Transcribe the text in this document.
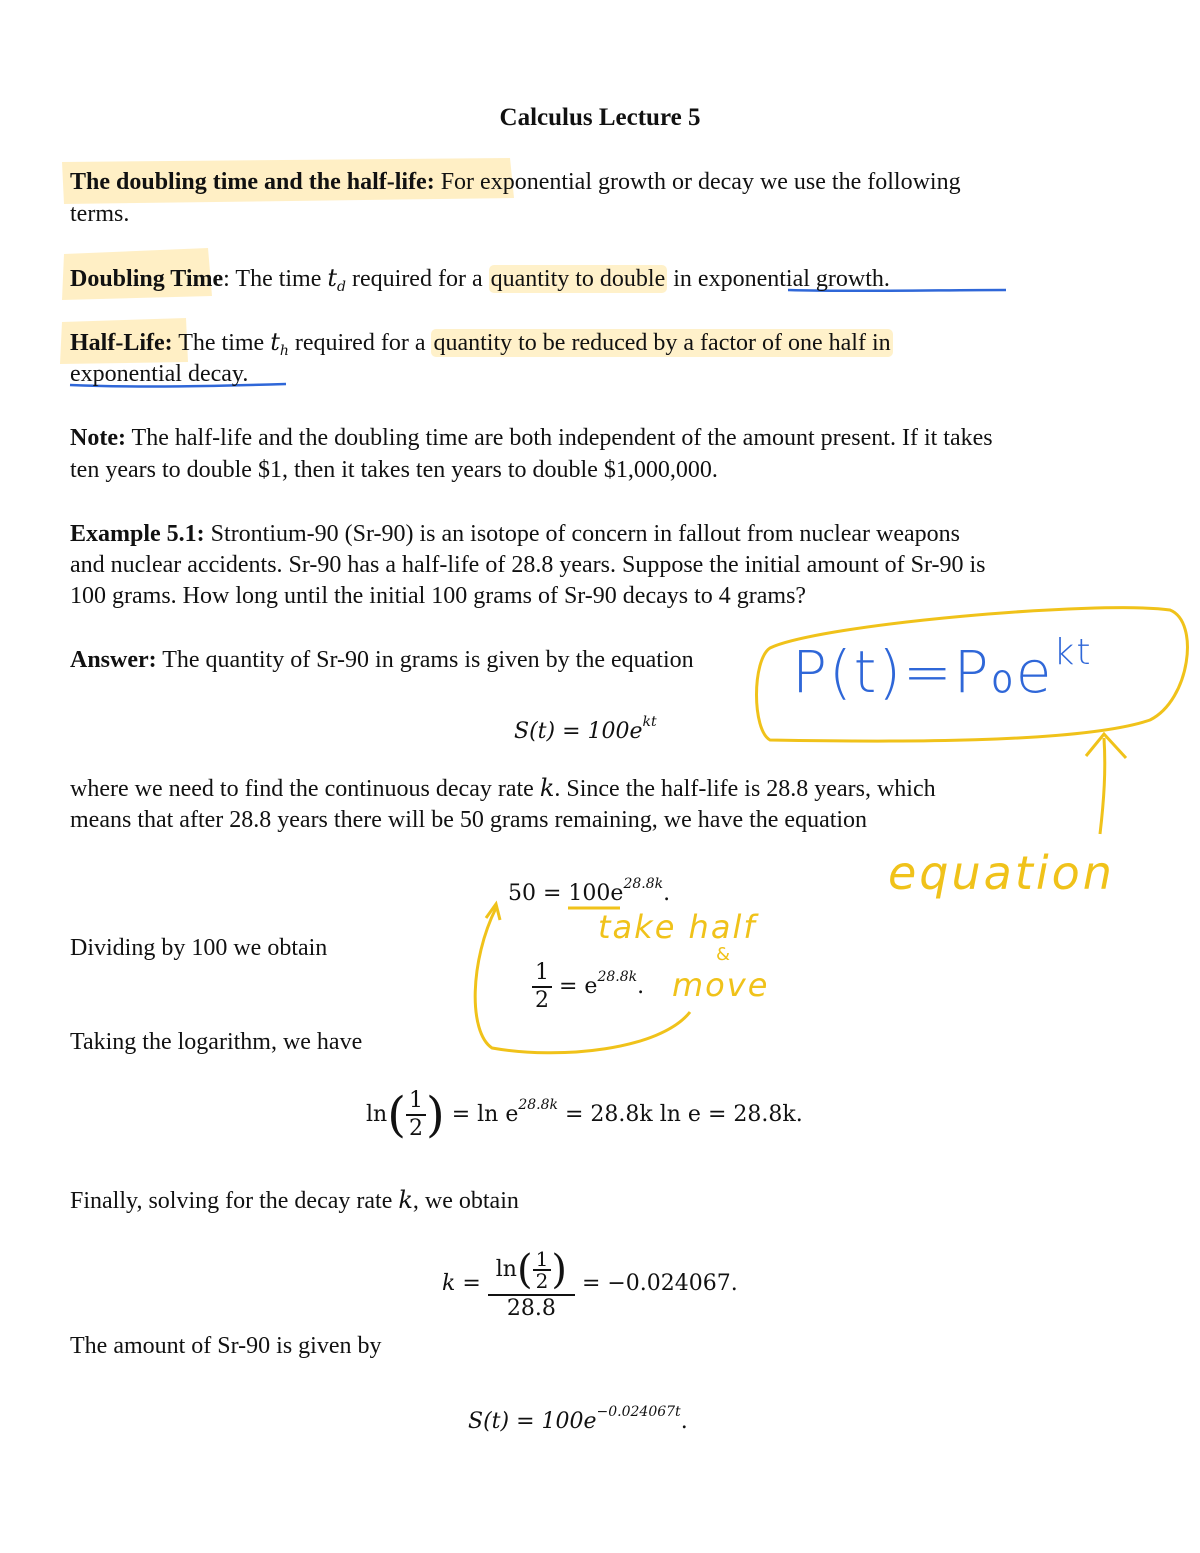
Calculus Lecture 5
The doubling time and the half-life: For exponential growth or decay we use the following
terms.
Doubling Time: The time $t_d$ required for a quantity to double in exponential growth.
Half-Life: The time $t_h$ required for a quantity to be reduced by a factor of one half in
exponential decay.
Note: The half-life and the doubling time are both independent of the amount present. If it takes
ten years to double $1, then it takes ten years to double $1,000,000.
Example 5.1: Strontium-90 (Sr-90) is an isotope of concern in fallout from nuclear weapons
and nuclear accidents. Sr-90 has a half-life of 28.8 years. Suppose the initial amount of Sr-90 is
100 grams. How long until the initial 100 grams of Sr-90 decays to 4 grams?
Answer: The quantity of Sr-90 in grams is given by the equation
$S(t) = 100e^{kt}$
where we need to find the continuous decay rate k. Since the half-life is 28.8 years, which
means that after 28.8 years there will be 50 grams remaining, we have the equation
$50 = 100e^{28.8k}$.
Dividing by 100 we obtain
$\frac{1}{2} = e^{28.8k}$.
Taking the logarithm, we have
$\ln( \frac{1}{2}$ ) = $\ln e^{28.8k} = 28.8k$ ln e = 28.8k.
Finally, solving for the decay rate k, we obtain
$k = \frac{\ln( \frac{1}{2} )}{28.8} = -0.024067$.
The amount of Sr-90 is given by
$S(t) = 100e^{-0.024067t}$.
$P(t)=P_0e^{kt}$
equation
take half
&
move
